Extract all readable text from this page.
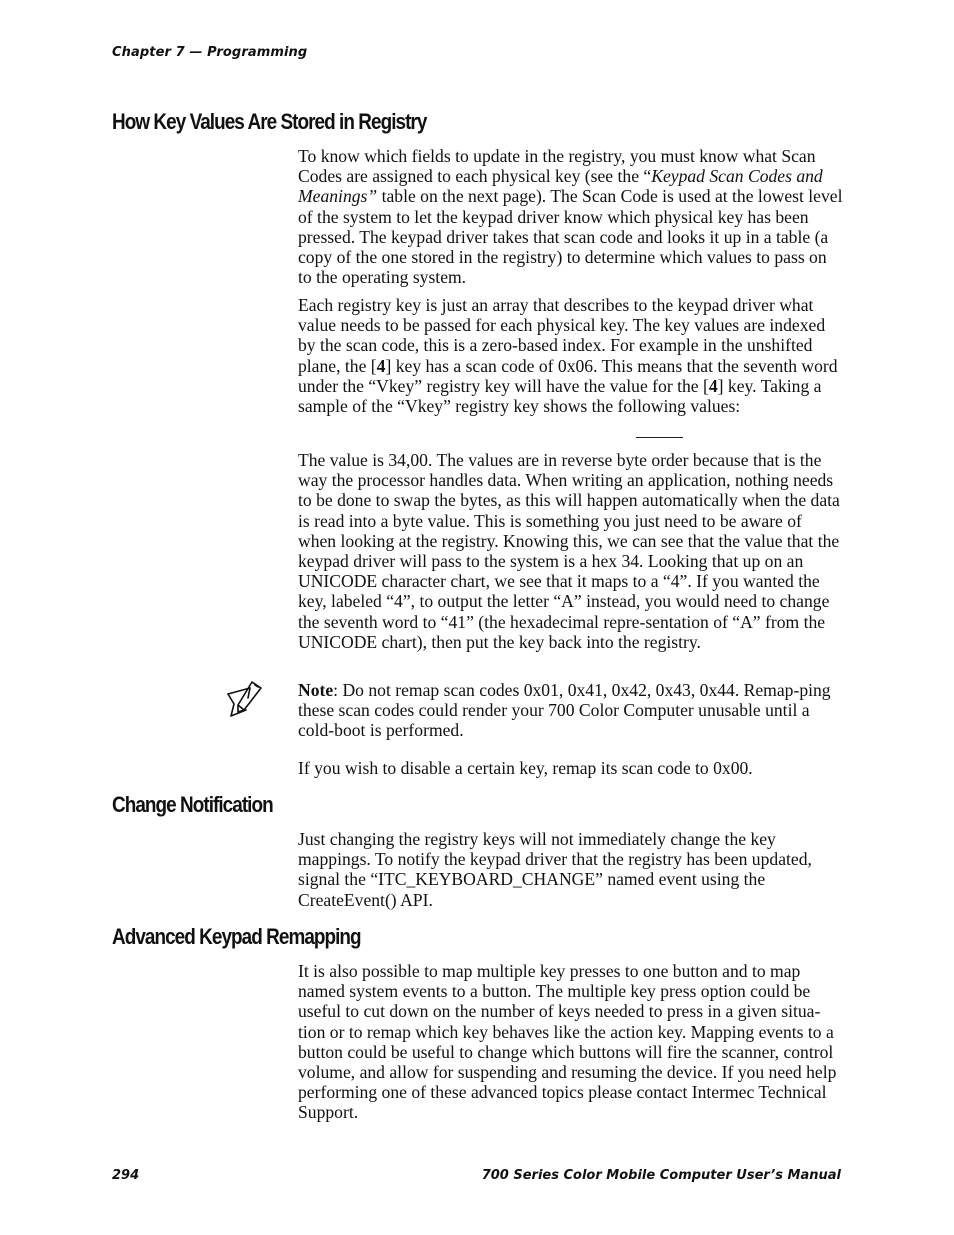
Chapter 7 — Programming
How Key Values Are Stored in Registry

To know which fields to update in the registry, you must know what Scan Codes are assigned to each physical key (see the “Keypad Scan Codes and Meanings” table on the next page). The Scan Code is used at the lowest level of the system to let the keypad driver know which physical key has been pressed. The keypad driver takes that scan code and looks it up in a table (a copy of the one stored in the registry) to determine which values to pass on to the operating system.

Each registry key is just an array that describes to the keypad driver what value needs to be passed for each physical key. The key values are indexed by the scan code, this is a zero-based index. For example in the unshifted plane, the [4] key has a scan code of 0x06. This means that the seventh word under the “Vkey” registry key will have the value for the [4] key. Taking a sample of the “Vkey” registry key shows the following values:

The value is 34,00. The values are in reverse byte order because that is the way the processor handles data. When writing an application, nothing needs to be done to swap the bytes, as this will happen automatically when the data is read into a byte value. This is something you just need to be aware of when looking at the registry. Knowing this, we can see that the value that the keypad driver will pass to the system is a hex 34. Looking that up on an UNICODE character chart, we see that it maps to a “4”. If you wanted the key, labeled “4”, to output the letter “A” instead, you would need to change the seventh word to “41” (the hexadecimal repre-sentation of “A” from the UNICODE chart), then put the key back into the registry.

Note: Do not remap scan codes 0x01, 0x41, 0x42, 0x43, 0x44. Remap-ping these scan codes could render your 700 Color Computer unusable until a cold-boot is performed.

If you wish to disable a certain key, remap its scan code to 0x00.

Change Notification

Just changing the registry keys will not immediately change the key mappings. To notify the keypad driver that the registry has been updated, signal the “ITC_KEYBOARD_CHANGE” named event using the CreateEvent() API.

Advanced Keypad Remapping

It is also possible to map multiple key presses to one button and to map named system events to a button. The multiple key press option could be useful to cut down on the number of keys needed to press in a given situa-tion or to remap which key behaves like the action key. Mapping events to a button could be useful to change which buttons will fire the scanner, control volume, and allow for suspending and resuming the device. If you need help performing one of these advanced topics please contact Intermec Technical Support.

294	700 Series Color Mobile Computer User’s Manual
